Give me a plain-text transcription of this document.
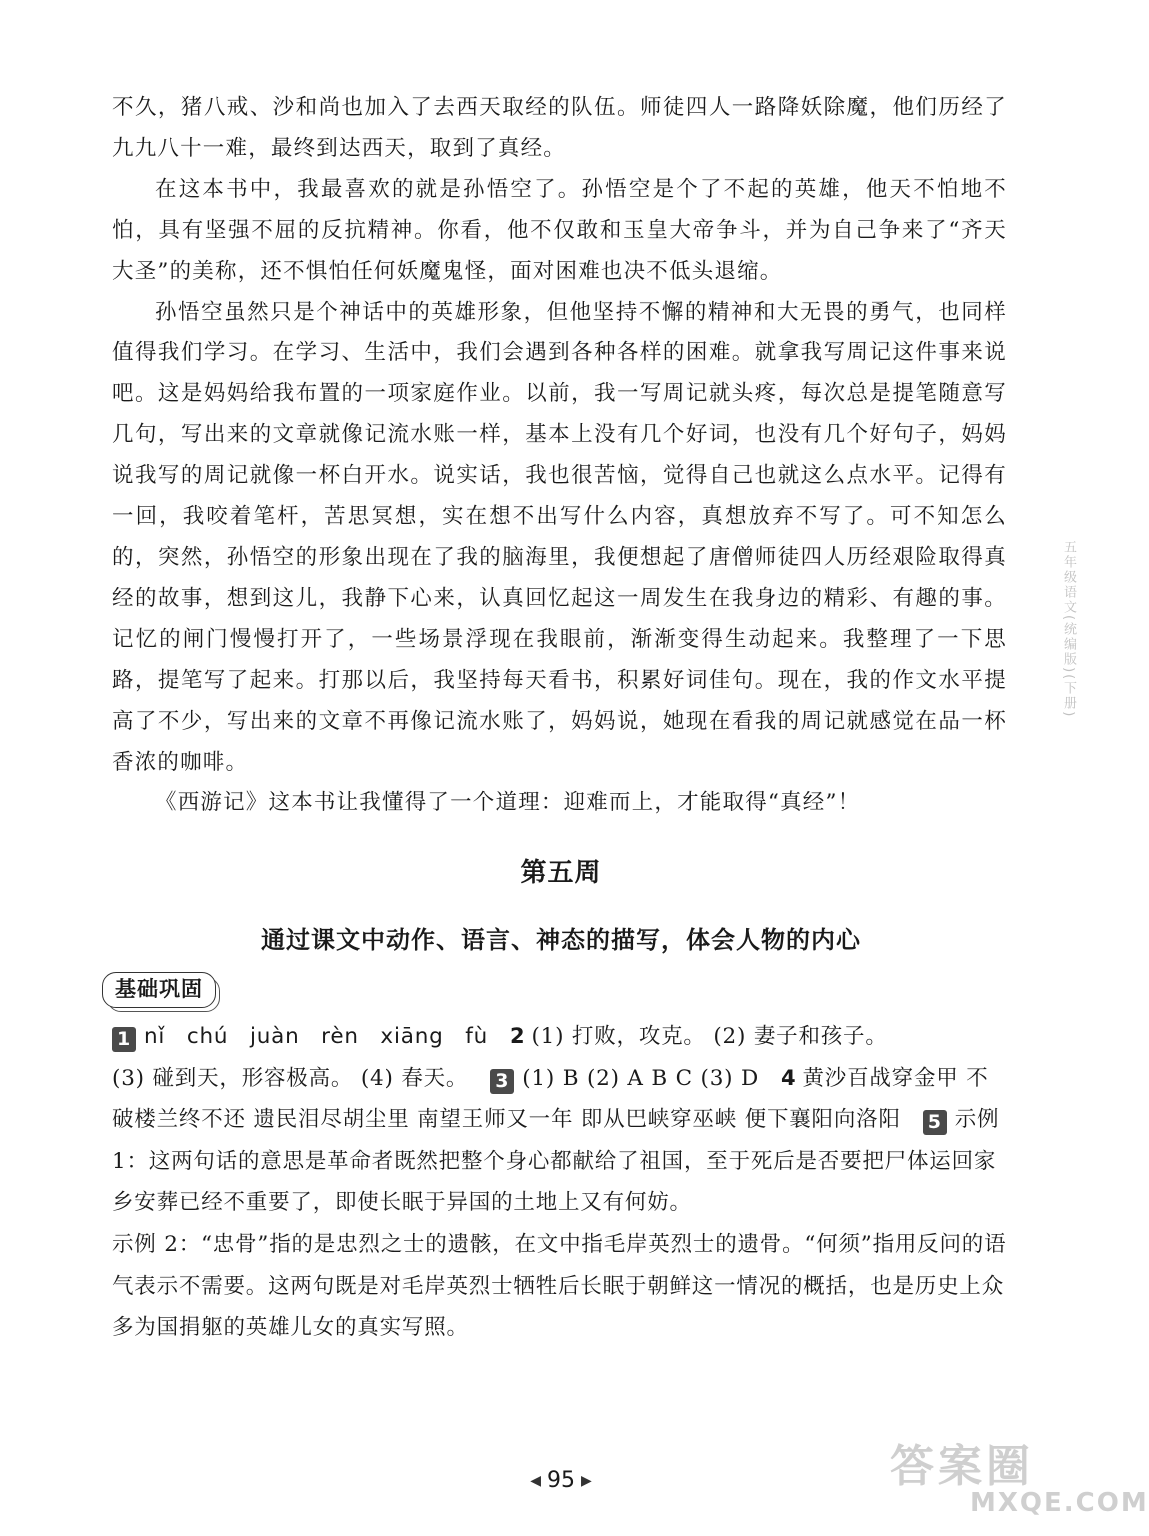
不久，猪八戒、沙和尚也加入了去西天取经的队伍。师徒四人一路降妖除魔，他们历经了九九八十一难，最终到达西天，取到了真经。

在这本书中，我最喜欢的就是孙悟空了。孙悟空是个了不起的英雄，他天不怕地不怕，具有坚强不屈的反抗精神。你看，他不仅敢和玉皇大帝争斗，并为自己争来了“齐天大圣”的美称，还不惧怕任何妖魔鬼怪，面对困难也决不低头退缩。

孙悟空虽然只是个神话中的英雄形象，但他坚持不懈的精神和大无畏的勇气，也同样值得我们学习。在学习、生活中，我们会遇到各种各样的困难。就拿我写周记这件事来说吧。这是妈妈给我布置的一项家庭作业。以前，我一写周记就头疼，每次总是提笔随意写几句，写出来的文章就像记流水账一样，基本上没有几个好词，也没有几个好句子，妈妈说我写的周记就像一杯白开水。说实话，我也很苦恼，觉得自己也就这么点水平。记得有一回，我咬着笔杆，苦思冥想，实在想不出写什么内容，真想放弃不写了。可不知怎么的，突然，孙悟空的形象出现在了我的脑海里，我便想起了唐僧师徒四人历经艰险取得真经的故事，想到这儿，我静下心来，认真回忆起这一周发生在我身边的精彩、有趣的事。记忆的闸门慢慢打开了，一些场景浮现在我眼前，渐渐变得生动起来。我整理了一下思路，提笔写了起来。打那以后，我坚持每天看书，积累好词佳句。现在，我的作文水平提高了不少，写出来的文章不再像记流水账了，妈妈说，她现在看我的周记就感觉在品一杯香浓的咖啡。

《西游记》这本书让我懂得了一个道理：迎难而上，才能取得“真经”！

第五周
通过课文中动作、语言、神态的描写，体会人物的内心
基础巩固

1 nǐ chú juàn rèn xiāng fù 2 (1) 打败，攻克。 (2) 妻子和孩子。

(3) 碰到天，形容极高。 (4) 春天。 3 (1) B (2) A B C (3) D 4 黄沙百战穿金甲 不破楼兰终不还 遗民泪尽胡尘里 南望王师又一年 即从巴峡穿巫峡 便下襄阳向洛阳 5 示例 1：这两句话的意思是革命者既然把整个身心都献给了祖国，至于死后是否要把尸体运回家乡安葬已经不重要了，即使长眠于异国的土地上又有何妨。

示例 2：“忠骨”指的是忠烈之士的遗骸，在文中指毛岸英烈士的遗骨。“何须”指用反问的语气表示不需要。这两句既是对毛岸英烈士牺牲后长眠于朝鲜这一情况的概括，也是历史上众多为国捐躯的英雄儿女的真实写照。

◀ 95 ▶
五年级语文(统编版)(下册)
答案圈
MXQE.COM
